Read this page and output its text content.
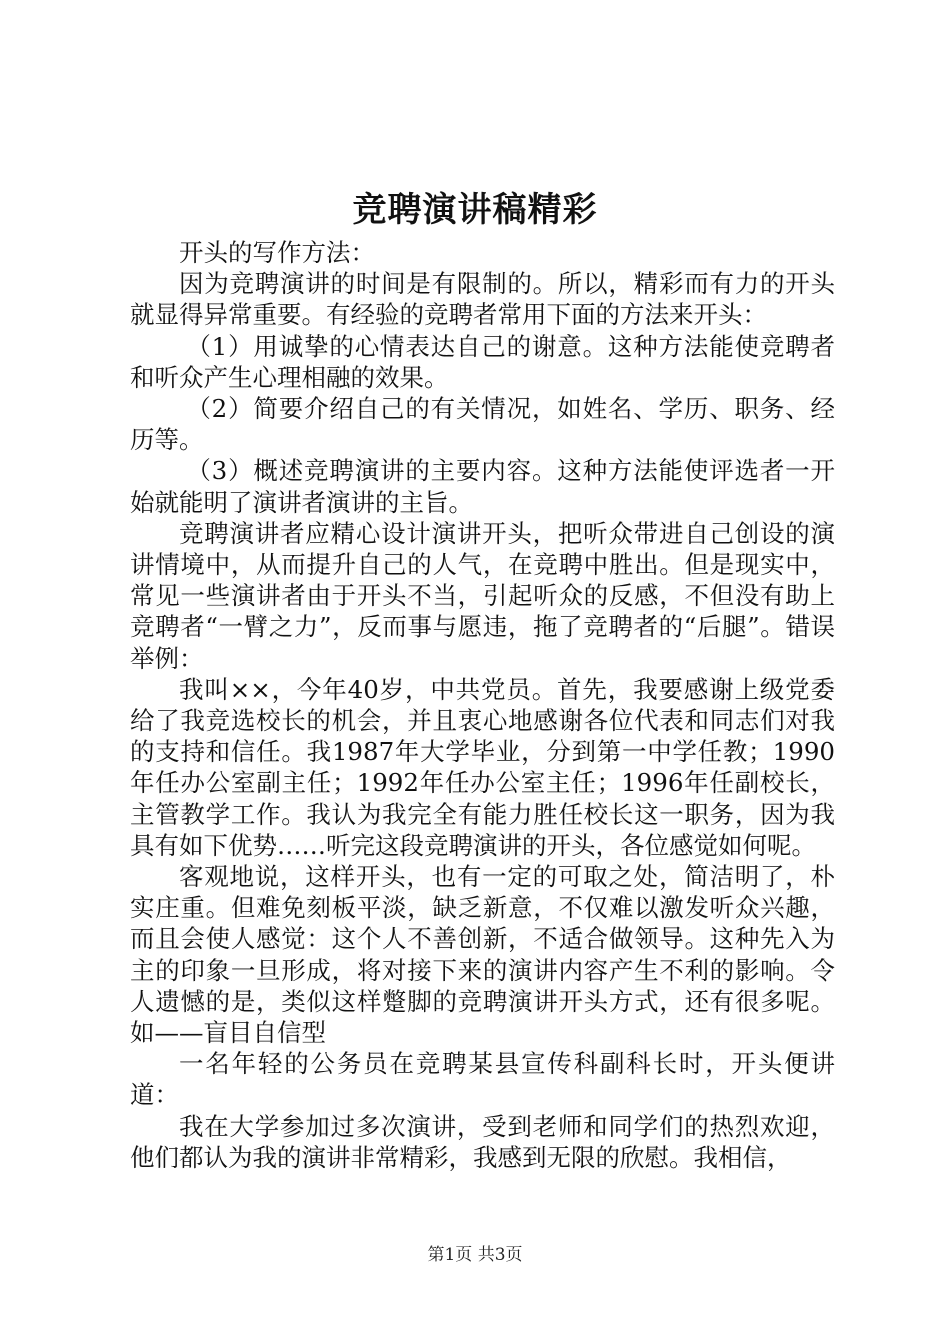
竞聘演讲稿精彩

开头的写作方法：

因为竞聘演讲的时间是有限制的。所以，精彩而有力的开头就显得异常重要。有经验的竞聘者常用下面的方法来开头：

（1）用诚挚的心情表达自己的谢意。这种方法能使竞聘者和听众产生心理相融的效果。

（2）简要介绍自己的有关情况，如姓名、学历、职务、经历等。

（3）概述竞聘演讲的主要内容。这种方法能使评选者一开始就能明了演讲者演讲的主旨。

竞聘演讲者应精心设计演讲开头，把听众带进自己创设的演讲情境中，从而提升自己的人气，在竞聘中胜出。但是现实中，常见一些演讲者由于开头不当，引起听众的反感，不但没有助上竞聘者“一臂之力”，反而事与愿违，拖了竞聘者的“后腿”。错误举例：

我叫××，今年40岁，中共党员。首先，我要感谢上级党委给了我竞选校长的机会，并且衷心地感谢各位代表和同志们对我的支持和信任。我1987年大学毕业，分到第一中学任教；1990年任办公室副主任；1992年任办公室主任；1996年任副校长，主管教学工作。我认为我完全有能力胜任校长这一职务，因为我具有如下优势……听完这段竞聘演讲的开头，各位感觉如何呢。

客观地说，这样开头，也有一定的可取之处，简洁明了，朴实庄重。但难免刻板平淡，缺乏新意，不仅难以激发听众兴趣，而且会使人感觉：这个人不善创新，不适合做领导。这种先入为主的印象一旦形成，将对接下来的演讲内容产生不利的影响。令人遗憾的是，类似这样蹩脚的竞聘演讲开头方式，还有很多呢。如——盲目自信型

一名年轻的公务员在竞聘某县宣传科副科长时，开头便讲道：

我在大学参加过多次演讲，受到老师和同学们的热烈欢迎，他们都认为我的演讲非常精彩，我感到无限的欣慰。我相信，

第1页 共3页
